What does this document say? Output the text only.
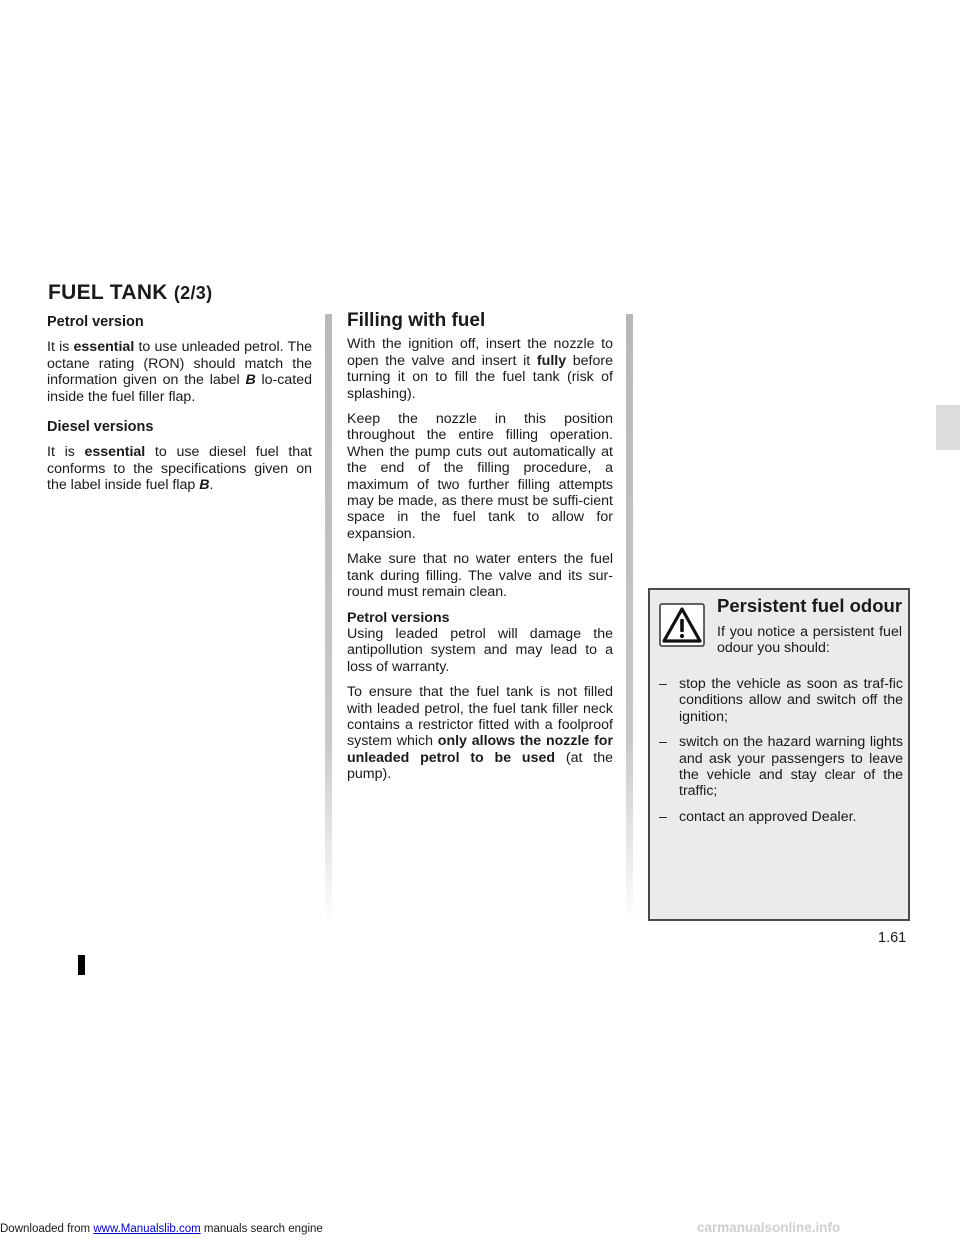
Downloaded from www.Manualslib.com manuals search engine	carmanualsonline.info
FUEL TANK (2/3)
Petrol version

It is essential to use unleaded petrol. The octane rating (RON) should match the information given on the label B lo-cated inside the fuel filler flap.

Diesel versions

It is essential to use diesel fuel that conforms to the specifications given on the label inside fuel flap B.

Filling with fuel

With the ignition off, insert the nozzle to open the valve and insert it fully before turning it on to fill the fuel tank (risk of splashing).

Keep the nozzle in this position throughout the entire filling operation. When the pump cuts out automatically at the end of the filling procedure, a maximum of two further filling attempts may be made, as there must be suffi-cient space in the fuel tank to allow for expansion.

Make sure that no water enters the fuel tank during filling. The valve and its sur-round must remain clean.

Petrol versions
Using leaded petrol will damage the antipollution system and may lead to a loss of warranty.

To ensure that the fuel tank is not filled with leaded petrol, the fuel tank filler neck contains a restrictor fitted with a foolproof system which only allows the nozzle for unleaded petrol to be used (at the pump).

Persistent fuel odour
If you notice a persistent fuel odour you should:
– stop the vehicle as soon as traf-fic conditions allow and switch off the ignition;
– switch on the hazard warning lights and ask your passengers to leave the vehicle and stay clear of the traffic;
– contact an approved Dealer.
1.61
